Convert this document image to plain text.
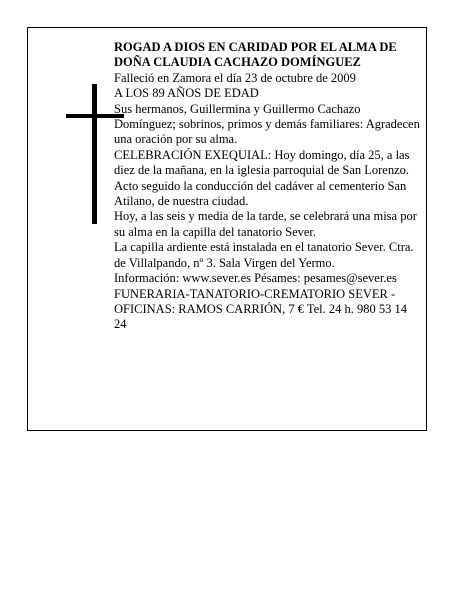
ROGAD A DIOS EN CARIDAD POR EL ALMA DE DOÑA CLAUDIA CACHAZO DOMÍNGUEZ

Falleció en Zamora el día 23 de octubre de 2009

A LOS 89 AÑOS DE EDAD

Sus hermanos, Guillermina y Guillermo Cachazo Domínguez; sobrinos, primos y demás familiares: Agradecen una oración por su alma.

CELEBRACIÓN EXEQUIAL: Hoy domingo, día 25, a las diez de la mañana, en la iglesia parroquial de San Lorenzo. Acto seguido la conducción del cadáver al cementerio San Atilano, de nuestra ciudad.

Hoy, a las seis y media de la tarde, se celebrará una misa por su alma en la capilla del tanatorio Sever.

La capilla ardiente está instalada en el tanatorio Sever. Ctra. de Villalpando, nº 3. Sala Virgen del Yermo.

Información: www.sever.es Pésames: pesames@sever.es

FUNERARIA-TANATORIO-CREMATORIO SEVER - OFICINAS: RAMOS CARRIÓN, 7 € Tel. 24 h. 980 53 14 24
